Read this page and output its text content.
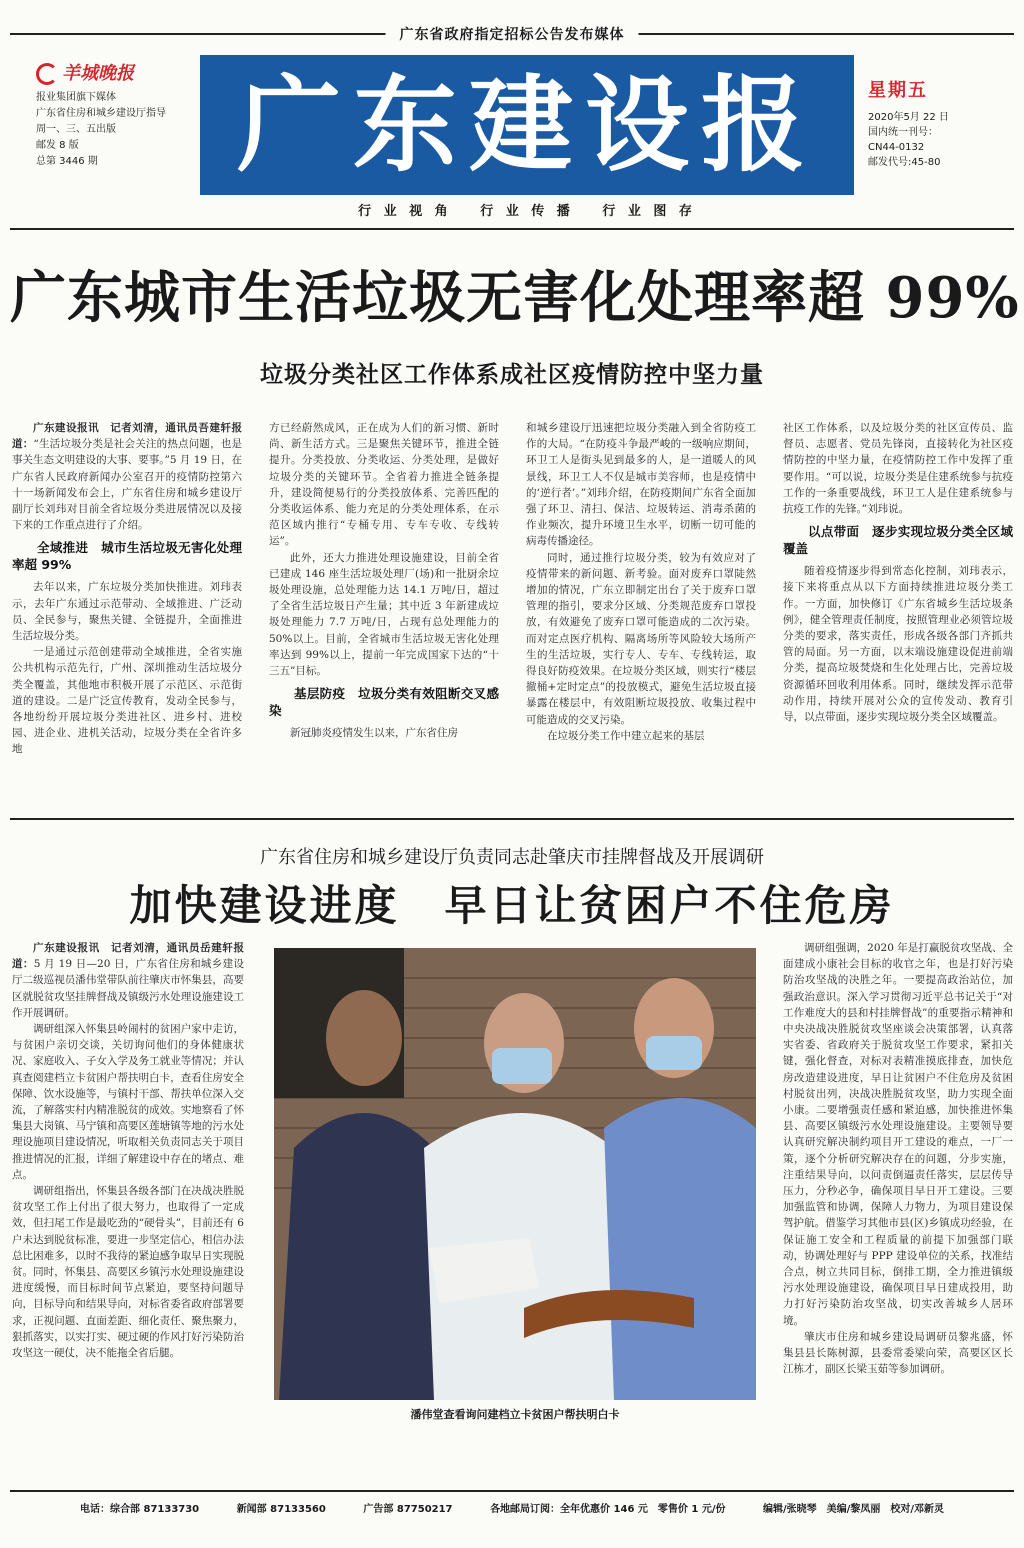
广东省政府指定招标公告发布媒体
羊城晚报
报业集团旗下媒体
广东省住房和城乡建设厅指导
周一、三、五出版
邮发 8 版
总第 3446 期	广东建设报	星期五
2020年5月 22 日
国内统一刊号：
CN44-0132
邮发代号:45-80
行 业 视 角 行 业 传 播 行 业 图 存
广东城市生活垃圾无害化处理率超 99%
垃圾分类社区工作体系成社区疫情防控中坚力量

广东建设报讯　记者刘清，通讯员吾建轩报道：“生活垃圾分类是社会关注的热点问题，也是事关生态文明建设的大事、要事。”5 月 19 日，在广东省人民政府新闻办公室召开的疫情防控第六十一场新闻发布会上，广东省住房和城乡建设厅副厅长刘玮对目前全省垃圾分类进展情况以及接下来的工作重点进行了介绍。

全域推进　城市生活垃圾无害化处理率超 99%

去年以来，广东垃圾分类加快推进。刘玮表示，去年广东通过示范带动、全域推进、广泛动员、全民参与，聚焦关键、全链提升，全面推进生活垃圾分类。

一是通过示范创建带动全域推进，全省实施公共机构示范先行，广州、深圳推动生活垃圾分类全覆盖，其他地市积极开展了示范区、示范街道的建设。二是广泛宣传教育，发动全民参与，各地纷纷开展垃圾分类进社区、进乡村、进校园、进企业、进机关活动，垃圾分类在全省许多地

方已经蔚然成风，正在成为人们的新习惯、新时尚、新生活方式。三是聚焦关键环节，推进全链提升。分类投放、分类收运、分类处理，是做好垃圾分类的关键环节。全省着力推进全链条提升，建设简便易行的分类投放体系、完善匹配的分类收运体系、能力充足的分类处理体系，在示范区域内推行“专桶专用、专车专收、专线转运”。

此外，还大力推进处理设施建设，目前全省已建成 146 座生活垃圾处理厂(场)和一批厨余垃圾处理设施，总处理能力达 14.1 万吨/日，超过了全省生活垃圾日产生量；其中近 3 年新建成垃圾处理能力 7.7 万吨/日，占现有总处理能力的 50%以上。目前，全省城市生活垃圾无害化处理率达到 99%以上，提前一年完成国家下达的“十三五”目标。

基层防疫　垃圾分类有效阻断交叉感染

新冠肺炎疫情发生以来，广东省住房

和城乡建设厅迅速把垃圾分类融入到全省防疫工作的大局。“在防疫斗争最严峻的一级响应期间，环卫工人是街头见到最多的人，是一道暖人的风景线，环卫工人不仅是城市美容师，也是疫情中的‘逆行者’。”刘玮介绍，在防疫期间广东省全面加强了环卫、清扫、保洁、垃圾转运、消毒杀菌的作业频次，提升环境卫生水平，切断一切可能的病毒传播途径。

同时，通过推行垃圾分类，较为有效应对了疫情带来的新问题、新考验。面对废弃口罩陡然增加的情况，广东立即制定出台了关于废弃口罩管理的指引，要求分区域、分类规范废弃口罩投放，有效避免了废弃口罩可能造成的二次污染。而对定点医疗机构、隔离场所等风险较大场所产生的生活垃圾，实行专人、专车、专线转运，取得良好防疫效果。在垃圾分类区域，则实行“楼层撤桶+定时定点”的投放模式，避免生活垃圾直接暴露在楼层中，有效阻断垃圾投放、收集过程中可能造成的交叉污染。

在垃圾分类工作中建立起来的基层

社区工作体系，以及垃圾分类的社区宣传员、监督员、志愿者、党员先锋岗，直接转化为社区疫情防控的中坚力量，在疫情防控工作中发挥了重要作用。“可以说，垃圾分类是住建系统参与抗疫工作的一条重要战线，环卫工人是住建系统参与抗疫工作的先锋。”刘玮说。

以点带面　逐步实现垃圾分类全区域覆盖

随着疫情逐步得到常态化控制，刘玮表示，接下来将重点从以下方面持续推进垃圾分类工作。一方面，加快修订《广东省城乡生活垃圾条例》，健全管理责任制度，按照管理业必须管垃圾分类的要求，落实责任，形成各级各部门齐抓共管的局面。另一方面，以末端设施建设促进前端分类，提高垃圾焚烧和生化处理占比，完善垃圾资源循环回收利用体系。同时，继续发挥示范带动作用，持续开展对公众的宣传发动、教育引导，以点带面，逐步实现垃圾分类全区域覆盖。

广东省住房和城乡建设厅负责同志赴肇庆市挂牌督战及开展调研
加快建设进度　早日让贫困户不住危房

广东建设报讯　记者刘清，通讯员岳建轩报道：5 月 19 日—20 日，广东省住房和城乡建设厅二级巡视员潘伟堂带队前往肇庆市怀集县，高要区就脱贫攻坚挂牌督战及镇级污水处理设施建设工作开展调研。

调研组深入怀集县岭闹村的贫困户家中走访，与贫困户亲切交谈，关切询问他们的身体健康状况、家庭收入、子女入学及务工就业等情况；并认真查阅建档立卡贫困户帮扶明白卡，查看住房安全保障、饮水设施等，与镇村干部、帮扶单位深入交流，了解落实村内精准脱贫的成效。实地察看了怀集县大岗镇、马宁镇和高要区莲塘镇等地的污水处理设施项目建设情况，听取相关负责同志关于项目推进情况的汇报，详细了解建设中存在的堵点、难点。

调研组指出，怀集县各级各部门在决战决胜脱贫攻坚工作上付出了很大努力，也取得了一定成效，但扫尾工作是最吃劲的“硬骨头”，目前还有 6 户未达到脱贫标准，要进一步坚定信心，相信办法总比困难多，以时不我待的紧迫感争取早日实现脱贫。同时，怀集县、高要区乡镇污水处理设施建设进度缓慢，而目标时间节点紧迫，要坚持问题导向，目标导向和结果导向，对标省委省政府部署要求，正视问题、直面差距、细化责任、聚焦聚力，狠抓落实，以实打实、硬过硬的作风打好污染防治攻坚这一硬仗，决不能拖全省后腿。

潘伟堂查看询问建档立卡贫困户帮扶明白卡

调研组强调，2020 年是打赢脱贫攻坚战、全面建成小康社会目标的收官之年，也是打好污染防治攻坚战的决胜之年。一要提高政治站位，加强政治意识。深入学习贯彻习近平总书记关于“对工作难度大的县和村挂牌督战”的重要指示精神和中央决战决胜脱贫攻坚座谈会决策部署，认真落实省委、省政府关于脱贫攻坚工作要求，紧扣关键，强化督查，对标对表精准摸底排查，加快危房改造建设进度，早日让贫困户不住危房及贫困村脱贫出列，决战决胜脱贫攻坚，助力实现全面小康。二要增强责任感和紧迫感，加快推进怀集县、高要区镇级污水处理设施建设。主要领导要认真研究解决制约项目开工建设的难点，一厂一策，逐个分析研究解决存在的问题，分步实施，注重结果导向，以问责倒逼责任落实，层层传导压力，分秒必争，确保项目早日开工建设。三要加强监管和协调，保障人力物力，为项目建设保驾护航。借鉴学习其他市县(区)乡镇成功经验，在保证施工安全和工程质量的前提下加强部门联动，协调处理好与 PPP 建设单位的关系，找准结合点，树立共同目标，倒排工期，全力推进镇级污水处理设施建设，确保项目早日建成投用，助力打好污染防治攻坚战，切实改善城乡人居环境。

肇庆市住房和城乡建设局调研员黎兆盛，怀集县县长陈树源，县委常委梁向荣，高要区区长江栋才，副区长梁玉茹等参加调研。

电话：综合部 87133730	新闻部 87133560	广告部 87750217	各地邮局订阅：全年优惠价 146 元　零售价 1 元/份	编辑/张晓琴　美编/黎凤丽　校对/邓新灵
